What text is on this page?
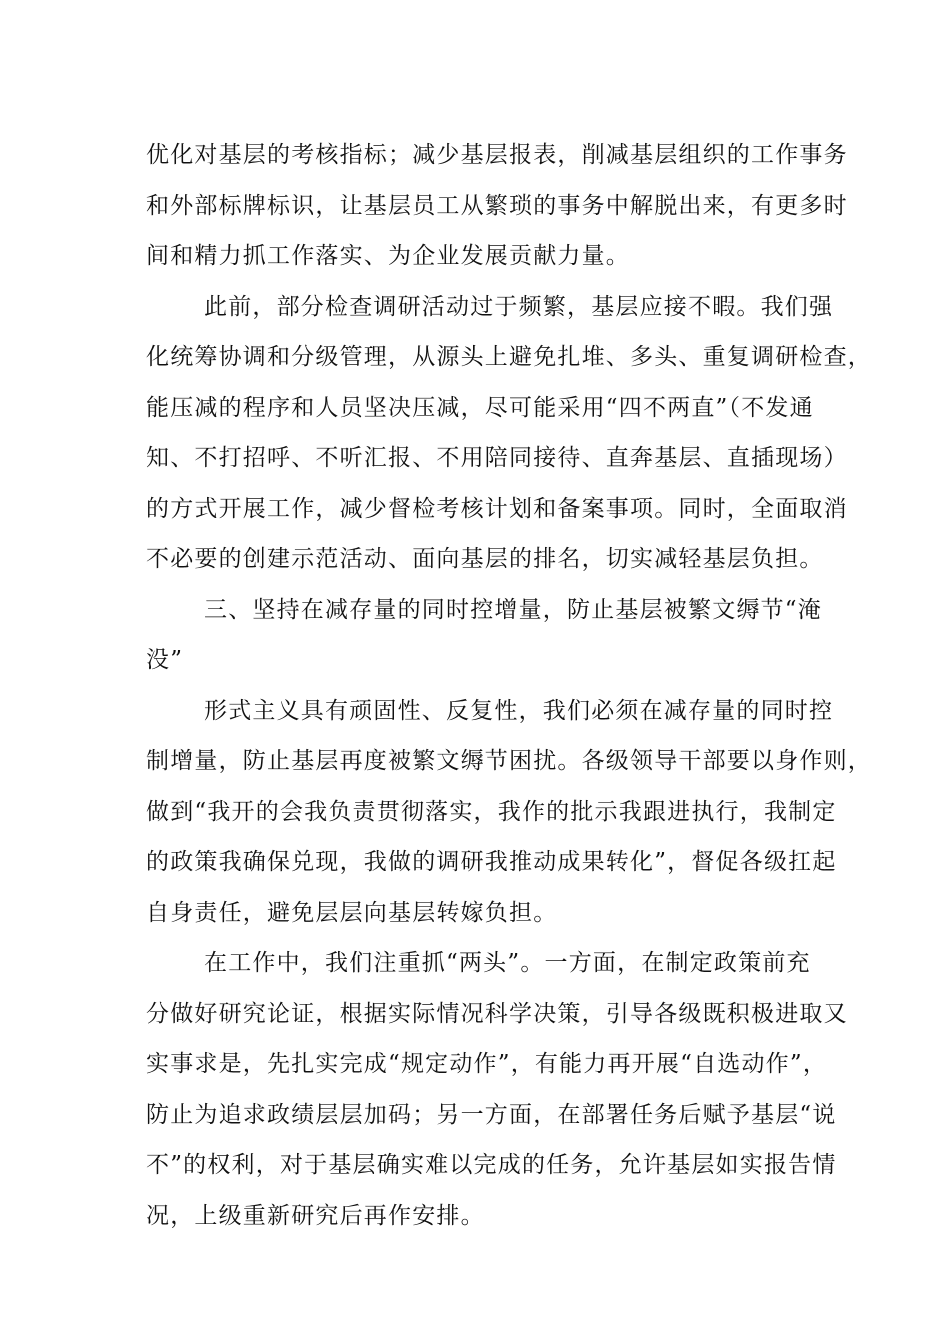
优化对基层的考核指标；减少基层报表，削减基层组织的工作事务
和外部标牌标识，让基层员工从繁琐的事务中解脱出来，有更多时
间和精力抓工作落实、为企业发展贡献力量。
此前，部分检查调研活动过于频繁，基层应接不暇。我们强
化统筹协调和分级管理，从源头上避免扎堆、多头、重复调研检查，
能压减的程序和人员坚决压减，尽可能采用“四不两直”（不发通
知、不打招呼、不听汇报、不用陪同接待、直奔基层、直插现场）
的方式开展工作，减少督检考核计划和备案事项。同时，全面取消
不必要的创建示范活动、面向基层的排名，切实减轻基层负担。
三、坚持在减存量的同时控增量，防止基层被繁文缛节“淹
没”
形式主义具有顽固性、反复性，我们必须在减存量的同时控
制增量，防止基层再度被繁文缛节困扰。各级领导干部要以身作则，
做到“我开的会我负责贯彻落实，我作的批示我跟进执行，我制定
的政策我确保兑现，我做的调研我推动成果转化”，督促各级扛起
自身责任，避免层层向基层转嫁负担。
在工作中，我们注重抓“两头”。一方面，在制定政策前充
分做好研究论证，根据实际情况科学决策，引导各级既积极进取又
实事求是，先扎实完成“规定动作”，有能力再开展“自选动作”，
防止为追求政绩层层加码；另一方面，在部署任务后赋予基层“说
不”的权利，对于基层确实难以完成的任务，允许基层如实报告情
况，上级重新研究后再作安排。
